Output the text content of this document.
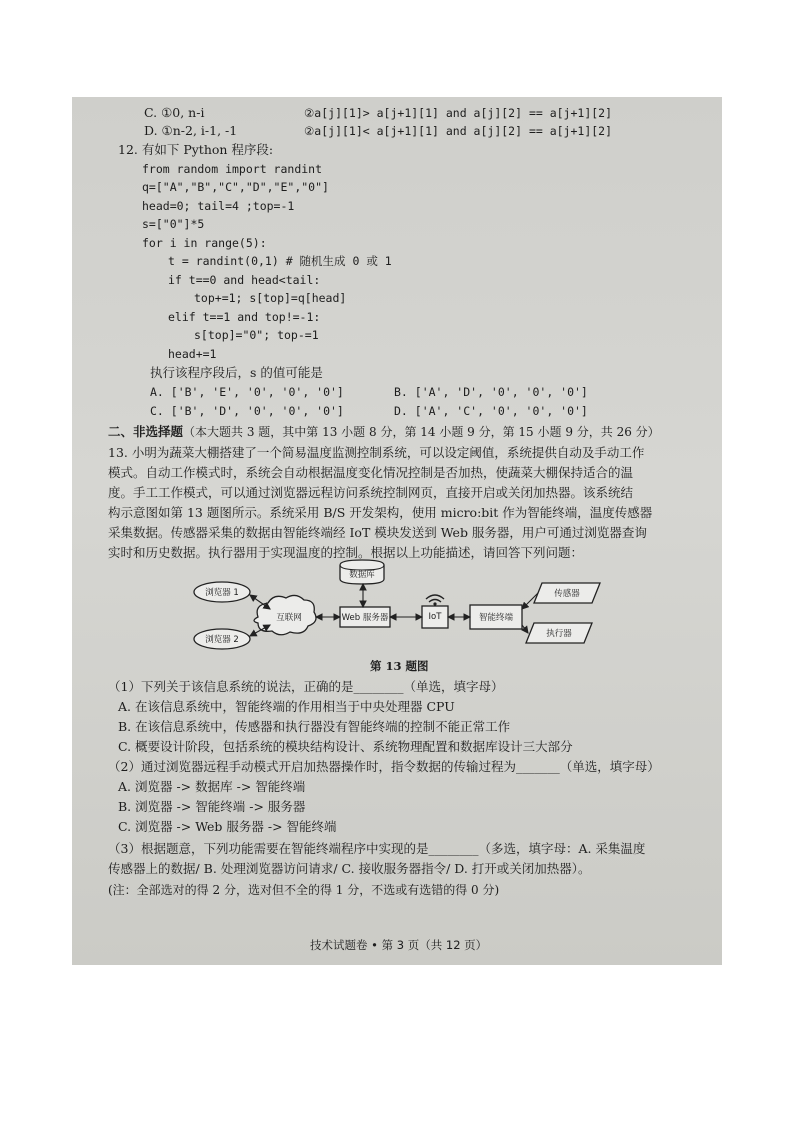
C. ①0, n-i	②a[j][1]> a[j+1][1] and a[j][2] == a[j+1][2]
D. ①n-2, i-1, -1	②a[j][1]< a[j+1][1] and a[j][2] == a[j+1][2]
12. 有如下 Python 程序段:
from random import randint
q=["A","B","C","D","E","0"]
head=0; tail=4 ;top=-1
s=["0"]*5
for i in range(5):
t = randint(0,1) # 随机生成 0 或 1
if t==0 and head<tail:
top+=1; s[top]=q[head]
elif t==1 and top!=-1:
s[top]="0"; top-=1
head+=1
执行该程序段后，s 的值可能是
A. ['B', 'E', '0', '0', '0']	B. ['A', 'D', '0', '0', '0']
C. ['B', 'D', '0', '0', '0']	D. ['A', 'C', '0', '0', '0']
二、非选择题（本大题共 3 题，其中第 13 小题 8 分，第 14 小题 9 分，第 15 小题 9 分，共 26 分）
13. 小明为蔬菜大棚搭建了一个简易温度监测控制系统，可以设定阈值，系统提供自动及手动工作
模式。自动工作模式时，系统会自动根据温度变化情况控制是否加热，使蔬菜大棚保持适合的温
度。手工工作模式，可以通过浏览器远程访问系统控制网页，直接开启或关闭加热器。该系统结
构示意图如第 13 题图所示。系统采用 B/S 开发架构，使用 micro:bit 作为智能终端，温度传感器
采集数据。传感器采集的数据由智能终端经 IoT 模块发送到 Web 服务器，用户可通过浏览器查询
实时和历史数据。执行器用于实现温度的控制。根据以上功能描述，请回答下列问题：
浏览器 1
浏览器 2
互联网
数据库
Web 服务器	IoT	智能终端
传感器
执行器
第 13 题图
（1）下列关于该信息系统的说法，正确的是________（单选，填字母）
A. 在该信息系统中，智能终端的作用相当于中央处理器 CPU
B. 在该信息系统中，传感器和执行器没有智能终端的控制不能正常工作
C. 概要设计阶段，包括系统的模块结构设计、系统物理配置和数据库设计三大部分
（2）通过浏览器远程手动模式开启加热器操作时，指令数据的传输过程为_______（单选，填字母）
A. 浏览器 -> 数据库 -> 智能终端
B. 浏览器 -> 智能终端 -> 服务器
C. 浏览器 -> Web 服务器 -> 智能终端
（3）根据题意，下列功能需要在智能终端程序中实现的是________（多选，填字母：A. 采集温度
传感器上的数据/ B. 处理浏览器访问请求/ C. 接收服务器指令/ D. 打开或关闭加热器）。
(注：全部选对的得 2 分，选对但不全的得 1 分，不选或有选错的得 0 分)
技术试题卷 • 第 3 页（共 12 页）
